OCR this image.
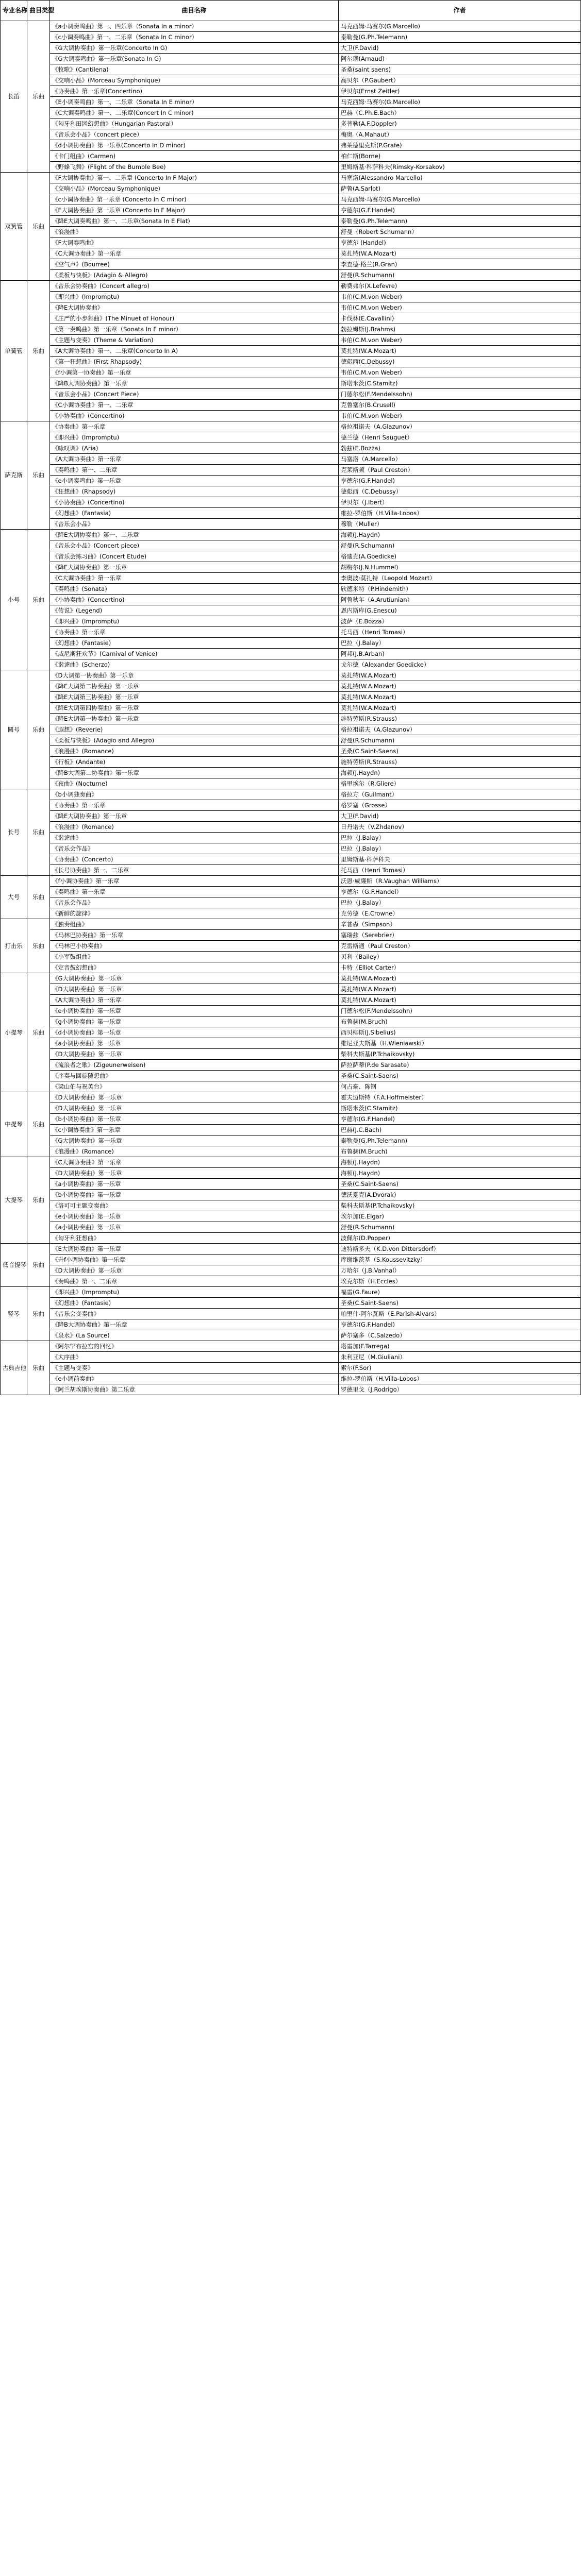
专业名称	曲目类型	曲目名称	作者
长笛	乐曲	《a小调奏鸣曲》第一、四乐章（Sonata In a minor）	马克西姆·马赛尔(G.Marcello)
		《c小调奏鸣曲》第一、二乐章（Sonata In C minor）	泰勒曼(G.Ph.Telemann)
		《G大调协奏曲》第一乐章(Concerto In G)	大卫(F.David)
		《G大调奏鸣曲》第一乐章(Sonata In G)	阿尔瑙(Arnaud)
		《牧歌》(Cantilena)	圣桑(saint saens)
		《交响小品》(Morceau Symphonique)	高贝尔（P.Gaubert）
		《协奏曲》第一乐章(Concertino)	伊贝尔(Ernst Zeitler)
		《E小调奏鸣曲》第一、二乐章（Sonata In E minor）	马克西姆·马赛尔(G.Marcello)
		《C大调奏鸣曲》第一、二乐章(Concert In C minor)	巴赫（C.Ph.E.Bach）
		《匈牙利田园幻想曲》（Hungarian Pastoral）	多普勒(A.F.Doppler)
		《音乐会小品》（concert piece）	梅奥（A.Mahaut）
		《d小调协奏曲》第一乐章(Concerto In D minor)	弗莱德里克斯(P.Grafe)
		《卡门组曲》(Carmen)	柏仁斯(Borne)
		《野蜂飞舞》(Flight of the Bumble Bee)	里姆斯基·科萨科夫(Rimsky-Korsakov)
双簧管	乐曲	《F大调协奏曲》第一、二乐章 (Concerto In F Major)	马塞洛(Alessandro Marcello)
		《交响小品》(Morceau Symphonique)	萨鲁(A.Sarlot)
		《c小调协奏曲》第一乐章 (Concerto In C minor)	马克西姆·马赛尔(G.Marcello)
		《F大调协奏曲》第一乐章 (Concerto In F Major)	亨德尔(G.F.Handel)
		《降E大调奏鸣曲》第一、二乐章(Sonata In E Flat)	泰勒曼(G.Ph.Telemann)
		《浪漫曲》	舒曼（Robert Schumann）
		《F大调奏鸣曲》	亨德尔 (Handel)
		《C大调协奏曲》第一乐章	莫扎特(W.A.Mozart)
		《空气声》(Bourree)	李查德·格兰(R.Gran)
		《柔板与快板》(Adagio & Allegro)	舒曼(R.Schumann)
单簧管	乐曲	《音乐会协奏曲》(Concert allegro)	勒费弗尔(X.Lefevre)
		《即兴曲》(Impromptu)	韦伯(C.M.von Weber)
		《降E大调协奏曲》	韦伯(C.M.von Weber)
		《庄严的小步舞曲》(The Minuet of Honour)	卡伐林(E.Cavallini)
		《第一奏鸣曲》第一乐章（Sonata In F minor）	勃拉姆斯(J.Brahms)
		《主题与变奏》(Theme & Variation)	韦伯(C.M.von Weber)
		《A大调协奏曲》第一、二乐章(Concerto In A)	莫扎特(W.A.Mozart)
		《第一狂想曲》(First Rhapsody)	德彪西(C.Debussy)
		《f小调第一协奏曲》第一乐章	韦伯(C.M.von Weber)
		《降B大调协奏曲》第一乐章	斯塔米茨(C.Stamitz)
		《音乐会小品》(Concert Piece)	门德尔松(F.Mendelssohn)
		《C小调协奏曲》第一、二乐章	克鲁塞尔(B.Crusell)
		《小协奏曲》(Concertino)	韦伯(C.M.von Weber)
萨克斯	乐曲	《协奏曲》第一乐章	格拉祖诺夫（A.Glazunov）
		《即兴曲》(Impromptu)	德兰德（Henri Sauguet）
		《咏叹调》(Aria)	勃兹(E.Bozza)
		《A大调协奏曲》第一乐章	马塞洛（A.Marcello）
		《奏鸣曲》第一、二乐章	克莱斯顿（Paul Creston）
		《e小调奏鸣曲》第一乐章	亨德尔(G.F.Handel)
		《狂想曲》(Rhapsody)	德彪西（C.Debussy）
		《小协奏曲》(Concertino)	伊贝尔（J.Ibert）
		《幻想曲》(Fantasia)	维拉-罗伯斯（H.Villa-Lobos）
		《音乐会小品》	穆勒（Muller）
小号	乐曲	《降E大调协奏曲》第一、二乐章	海顿(J.Haydn)
		《音乐会小品》(Concert piece)	舒曼(R.Schumann)
		《音乐会练习曲》(Concert Etude)	格迪克(A.Goedicke)
		《降E大调协奏曲》第一乐章	胡梅尔(J.N.Hummel)
		《C大调协奏曲》第一乐章	李奥波·莫扎特（Leopold Mozart）
		《奏鸣曲》(Sonata)	欣德米特（P.Hindemith）
		《小协奏曲》(Concertino)	阿鲁秋年（A.Arutiunian）
		《传说》(Legend)	恩内斯库(G.Enescu)
		《即兴曲》(Impromptu)	波萨（E.Bozza）
		《协奏曲》第一乐章	托马西（Henri Tomasi）
		《幻想曲》(Fantasie)	巴拉（J.Balay）
		《威尼斯狂欢节》(Carnival of Venice)	阿邦(J.B.Arban)
		《谐谑曲》(Scherzo)	戈尔德（Alexander Goedicke）
圆号	乐曲	《D大调第一协奏曲》第一乐章	莫扎特(W.A.Mozart)
		《降E大调第二协奏曲》第一乐章	莫扎特(W.A.Mozart)
		《降E大调第三协奏曲》第一乐章	莫扎特(W.A.Mozart)
		《降E大调第四协奏曲》第一乐章	莫扎特(W.A.Mozart)
		《降E大调第一协奏曲》第一乐章	施特劳斯(R.Strauss)
		《遐想》(Reverie)	格拉祖诺夫（A.Glazunov）
		《柔板与快板》(Adagio and Allegro)	舒曼(R.Schumann)
		《浪漫曲》(Romance)	圣桑(C.Saint-Saens)
		《行板》(Andante)	施特劳斯(R.Strauss)
		《降B大调第二协奏曲》第一乐章	海顿(J.Haydn)
		《夜曲》(Nocturne)	格里埃尔（R.Gliere）
长号	乐曲	《b小调独奏曲》	格拉方（Guilmant）
		《协奏曲》第一乐章	格罗塞（Grosse）
		《降E大调协奏曲》第一乐章	大卫(F.David)
		《浪漫曲》(Romance)	日丹诺夫（V.Zhdanov）
		《谐谑曲》	巴拉（J.Balay）
		《音乐会作品》	巴拉（J.Balay）
		《协奏曲》(Concerto)	里姆斯基·科萨科夫
		《长号协奏曲》第一、二乐章	托马西（Henri Tomasi）
大号	乐曲	《f小调协奏曲》第一乐章	沃恩·威廉斯（R.Vaughan Williams）
		《奏鸣曲》第一乐章	亨德尔（G.F.Handel）
		《音乐会作品》	巴拉（J.Balay）
		《新鲜的旋律》	克劳德（E.Crowne）
打击乐	乐曲	《独奏组曲》	辛普森（Simpson）
		《马林巴协奏曲》第一乐章	塞瑞兹（Serebrier）
		《马林巴小协奏曲》	克雷斯通（Paul Creston）
		《小军鼓组曲》	贝利（Bailey）
		《定音鼓幻想曲》	卡特（Elliot Carter）
小提琴	乐曲	《G大调协奏曲》第一乐章	莫扎特(W.A.Mozart)
		《D大调协奏曲》第一乐章	莫扎特(W.A.Mozart)
		《A大调协奏曲》第一乐章	莫扎特(W.A.Mozart)
		《e小调协奏曲》第一乐章	门德尔松(F.Mendelssohn)
		《g小调协奏曲》第一乐章	布鲁赫(M.Bruch)
		《d小调协奏曲》第一乐章	西贝柳斯(J.Sibelius)
		《a小调协奏曲》第一乐章	维尼亚夫斯基（H.Wieniawski）
		《D大调协奏曲》第一乐章	柴科夫斯基(P.Tchaikovsky)
		《流浪者之歌》(Zigeunerweisen)	萨拉萨蒂(P.de Sarasate)
		《序奏与回旋随想曲》	圣桑(C.Saint-Saens)
		《梁山伯与祝英台》	何占豪、陈钢
中提琴	乐曲	《D大调协奏曲》第一乐章	霍夫迈斯特（F.A.Hoffmeister）
		《D大调协奏曲》第一乐章	斯塔米茨(C.Stamitz)
		《b小调协奏曲》第一乐章	亨德尔(G.F.Handel)
		《c小调协奏曲》第一乐章	巴赫(J.C.Bach)
		《G大调协奏曲》第一乐章	泰勒曼(G.Ph.Telemann)
		《浪漫曲》(Romance)	布鲁赫(M.Bruch)
大提琴	乐曲	《C大调协奏曲》第一乐章	海顿(J.Haydn)
		《D大调协奏曲》第一乐章	海顿(J.Haydn)
		《a小调协奏曲》第一乐章	圣桑(C.Saint-Saens)
		《b小调协奏曲》第一乐章	德沃夏克(A.Dvorak)
		《洛可可主题变奏曲》	柴科夫斯基(P.Tchaikovsky)
		《e小调协奏曲》第一乐章	埃尔加(E.Elgar)
		《a小调协奏曲》第一乐章	舒曼(R.Schumann)
		《匈牙利狂想曲》	波佩尔(D.Popper)
低音提琴	乐曲	《E大调协奏曲》第一乐章	迪特斯多夫（K.D.von Dittersdorf）
		《升f小调协奏曲》第一乐章	库谢维茨基（S.Koussevitzky）
		《D大调协奏曲》第一乐章	万哈尔（J.B.Vanhal）
		《奏鸣曲》第一、二乐章	埃克尔斯（H.Eccles）
竖琴	乐曲	《即兴曲》(Impromptu)	福雷(G.Faure)
		《幻想曲》(Fantasie)	圣桑(C.Saint-Saens)
		《音乐会变奏曲》	帕里什-阿尔瓦斯（E.Parish-Alvars）
		《降B大调协奏曲》第一乐章	亨德尔(G.F.Handel)
		《泉水》(La Source)	萨尔塞多（C.Salzedo）
古典吉他	乐曲	《阿尔罕布拉宫的回忆》	塔雷加(F.Tarrega)
		《大序曲》	朱利亚尼（M.Giuliani）
		《主题与变奏》	索尔(F.Sor)
		《e小调前奏曲》	维拉-罗伯斯（H.Villa-Lobos）
		《阿兰胡埃斯协奏曲》第二乐章	罗德里戈（J.Rodrigo）
